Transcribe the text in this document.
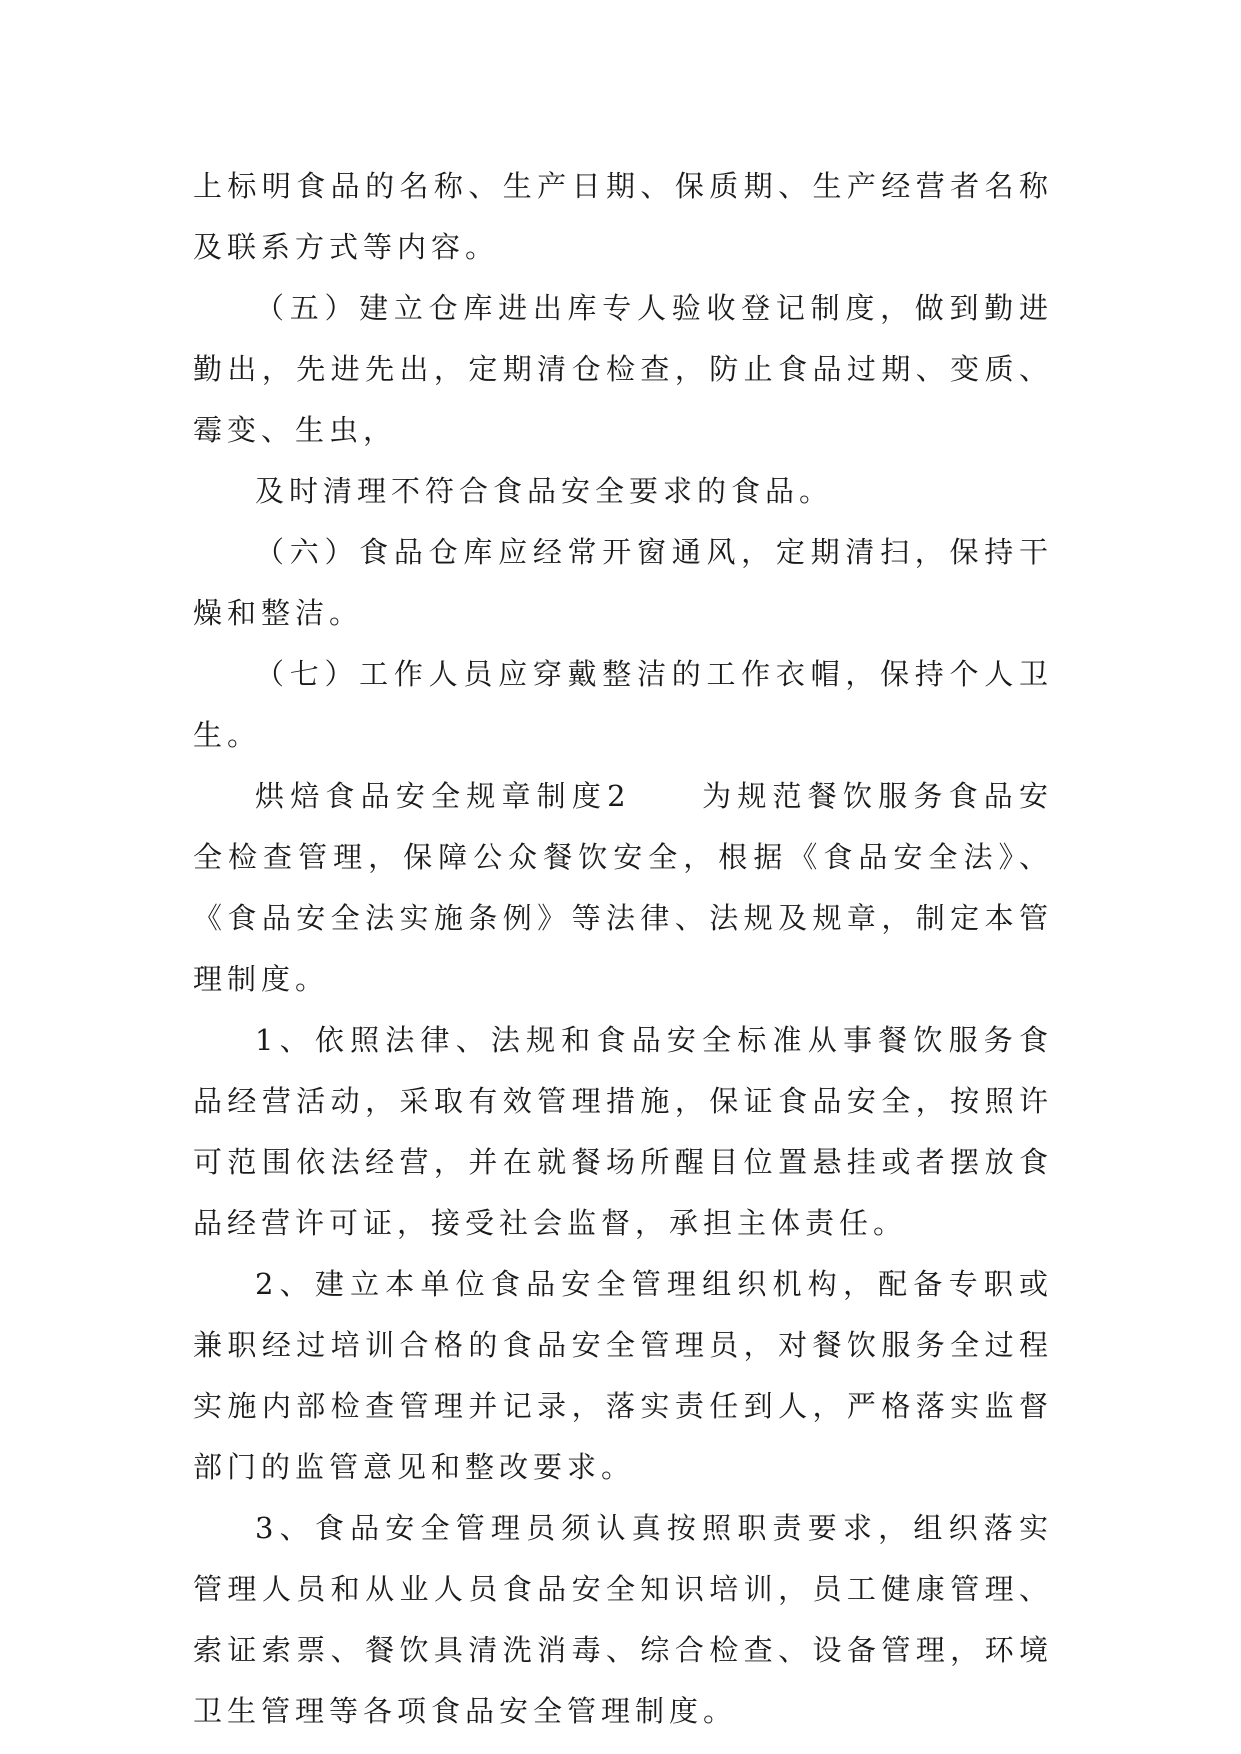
上标明食品的名称、生产日期、保质期、生产经营者名称及联系方式等内容。

（五）建立仓库进出库专人验收登记制度，做到勤进勤出，先进先出，定期清仓检查，防止食品过期、变质、霉变、生虫，

及时清理不符合食品安全要求的食品。

（六）食品仓库应经常开窗通风，定期清扫，保持干燥和整洁。

（七）工作人员应穿戴整洁的工作衣帽，保持个人卫生。

烘焙食品安全规章制度2　　为规范餐饮服务食品安全检查管理，保障公众餐饮安全，根据《食品安全法》、《食品安全法实施条例》等法律、法规及规章，制定本管理制度。

1、依照法律、法规和食品安全标准从事餐饮服务食品经营活动，采取有效管理措施，保证食品安全，按照许可范围依法经营，并在就餐场所醒目位置悬挂或者摆放食品经营许可证，接受社会监督，承担主体责任。

2、建立本单位食品安全管理组织机构，配备专职或兼职经过培训合格的食品安全管理员，对餐饮服务全过程实施内部检查管理并记录，落实责任到人，严格落实监督部门的监管意见和整改要求。

3、食品安全管理员须认真按照职责要求，组织落实管理人员和从业人员食品安全知识培训，员工健康管理、索证索票、餐饮具清洗消毒、综合检查、设备管理，环境卫生管理等各项食品安全管理制度。
